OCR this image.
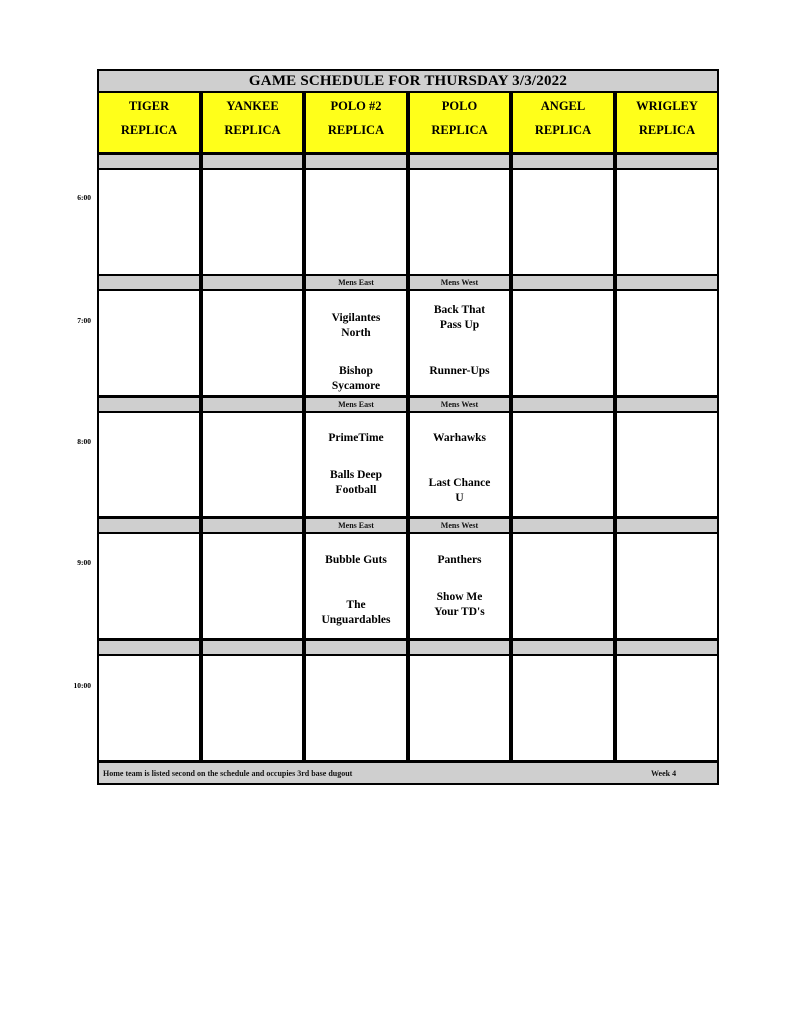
GAME SCHEDULE FOR THURSDAY 3/3/2022
TIGER
REPLICA
YANKEE
REPLICA
POLO #2
REPLICA
POLO
REPLICA
ANGEL
REPLICA
WRIGLEY
REPLICA
Mens East
Vigilantes North
Bishop Sycamore
Mens West
Back That Pass Up
Runner-Ups
Mens East
PrimeTime
Balls Deep Football
Mens West
Warhawks
Last Chance U
Mens East
Bubble Guts
The Unguardables
Mens West
Panthers
Show Me Your TD's
Home team is listed second on the schedule and occupies 3rd base dugout	Week 4
6:00
7:00
8:00
9:00
10:00
